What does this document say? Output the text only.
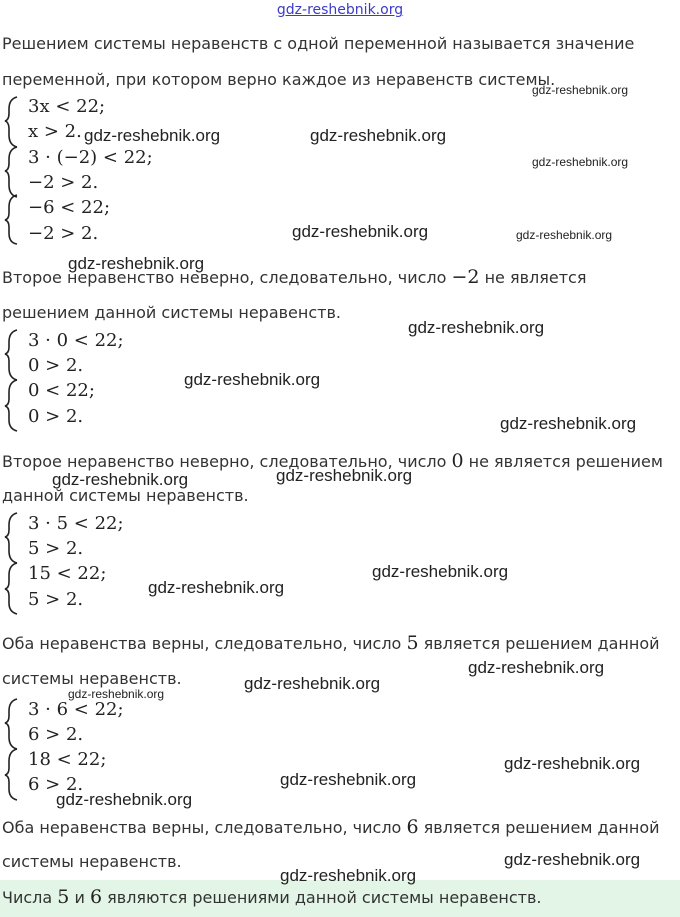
gdz-reshebnik.org
Решением системы неравенств с одной переменной называется значение
переменной, при котором верно каждое из неравенств системы.
3x < 22;
x > 2.
3 · (−2) < 22;
−2 > 2.
−6 < 22;
−2 > 2.
Второе неравенство неверно, следовательно, число −2 не является
решением данной системы неравенств.
3 · 0 < 22;
0 > 2.
0 < 22;
0 > 2.
Второе неравенство неверно, следовательно, число 0 не является решением
данной системы неравенств.
3 · 5 < 22;
5 > 2.
15 < 22;
5 > 2.
Оба неравенства верны, следовательно, число 5 является решением данной
системы неравенств.
3 · 6 < 22;
6 > 2.
18 < 22;
6 > 2.
Оба неравенства верны, следовательно, число 6 является решением данной
системы неравенств.
Числа 5 и 6 являются решениями данной системы неравенств.
gdz-reshebnik.org
gdz-reshebnik.org	gdz-reshebnik.org
gdz-reshebnik.org
gdz-reshebnik.org	gdz-reshebnik.org
gdz-reshebnik.org
gdz-reshebnik.org
gdz-reshebnik.org
gdz-reshebnik.org
gdz-reshebnik.org	gdz-reshebnik.org
gdz-reshebnik.org
gdz-reshebnik.org
gdz-reshebnik.org
gdz-reshebnik.org
gdz-reshebnik.org
gdz-reshebnik.org
gdz-reshebnik.org
gdz-reshebnik.org
gdz-reshebnik.org
gdz-reshebnik.org
